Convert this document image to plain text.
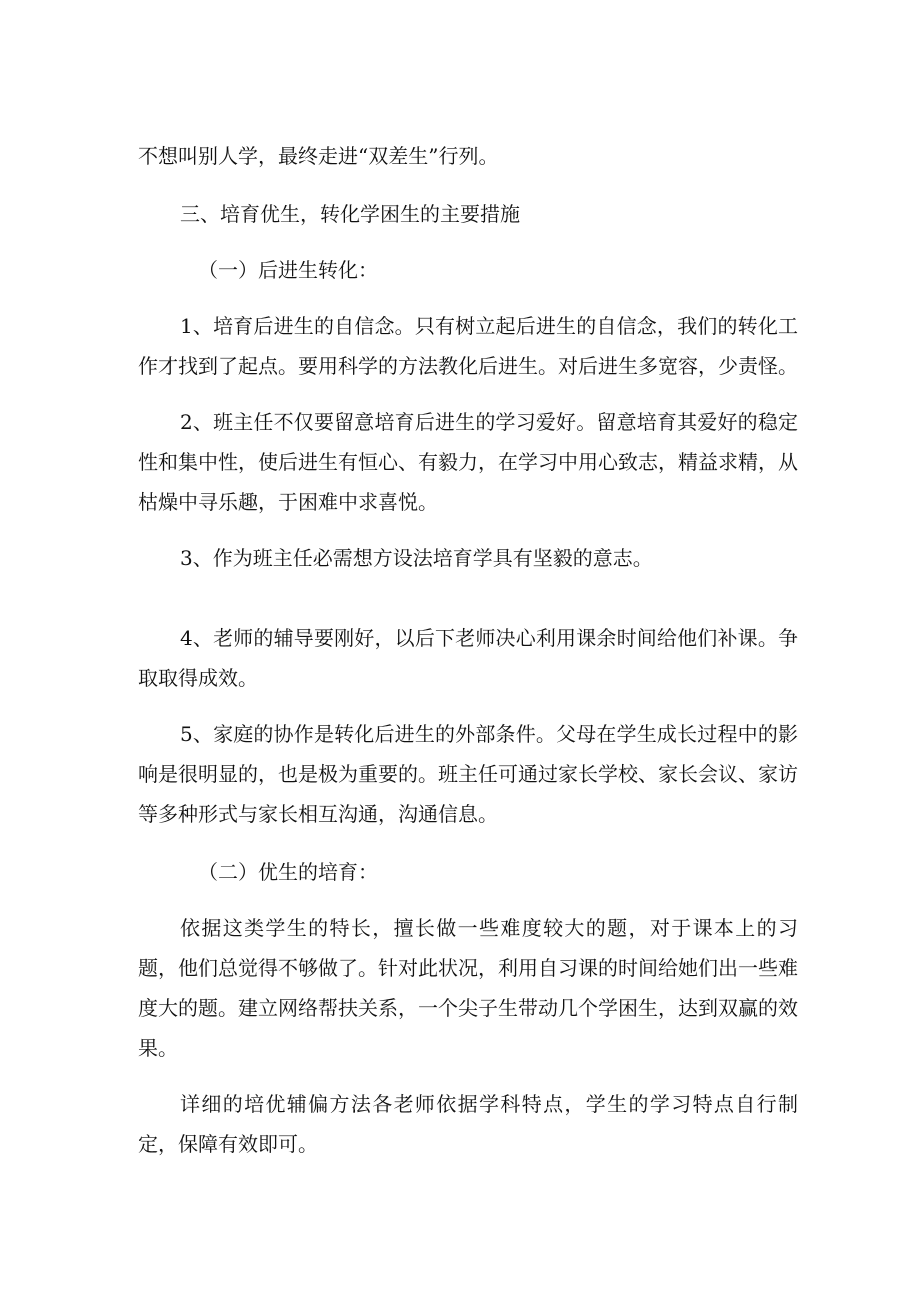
不想叫别人学，最终走进“双差生”行列。

三、培育优生，转化学困生的主要措施

（一）后进生转化：

1、培育后进生的自信念。只有树立起后进生的自信念，我们的转化工作才找到了起点。要用科学的方法教化后进生。对后进生多宽容，少责怪。

2、班主任不仅要留意培育后进生的学习爱好。留意培育其爱好的稳定性和集中性，使后进生有恒心、有毅力，在学习中用心致志，精益求精，从枯燥中寻乐趣，于困难中求喜悦。

3、作为班主任必需想方设法培育学具有坚毅的意志。

4、老师的辅导要刚好，以后下老师决心利用课余时间给他们补课。争取取得成效。

5、家庭的协作是转化后进生的外部条件。父母在学生成长过程中的影响是很明显的，也是极为重要的。班主任可通过家长学校、家长会议、家访等多种形式与家长相互沟通，沟通信息。

（二）优生的培育：

依据这类学生的特长，擅长做一些难度较大的题，对于课本上的习题，他们总觉得不够做了。针对此状况，利用自习课的时间给她们出一些难度大的题。建立网络帮扶关系，一个尖子生带动几个学困生，达到双赢的效果。

详细的培优辅偏方法各老师依据学科特点，学生的学习特点自行制定，保障有效即可。
